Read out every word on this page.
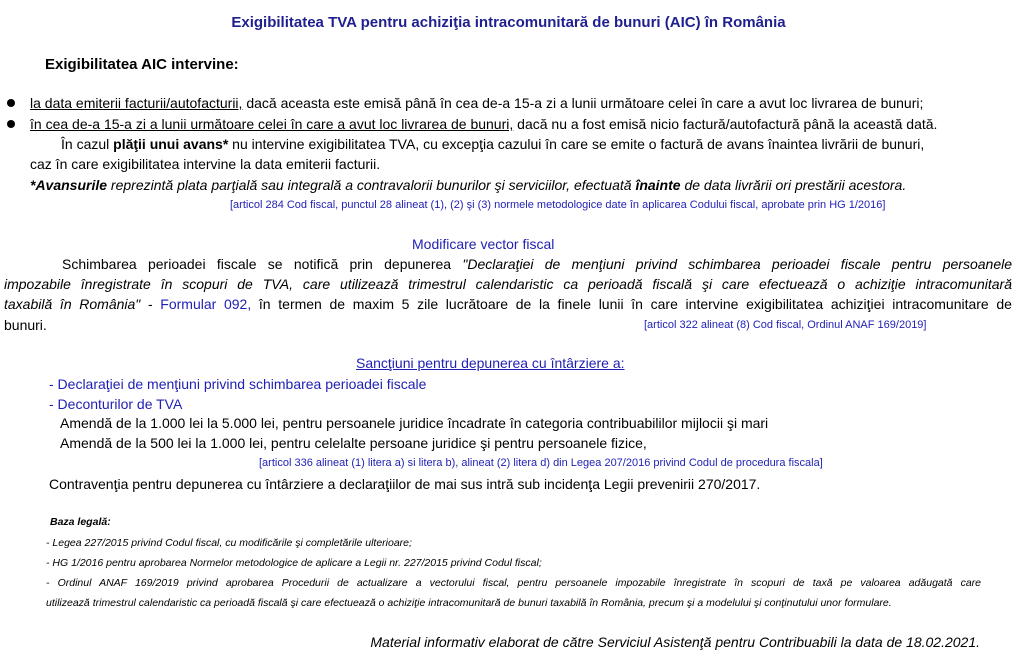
Exigibilitatea TVA pentru achiziţia intracomunitară de bunuri (AIC) în România
Exigibilitatea AIC intervine:
la data emiterii facturii/autofacturii, dacă aceasta este emisă până în cea de-a 15-a zi a lunii următoare celei în care a avut loc livrarea de bunuri;
în cea de-a 15-a zi a lunii următoare celei în care a avut loc livrarea de bunuri, dacă nu a fost emisă nicio factură/autofactură până la această dată.
În cazul plăţii unui avans* nu intervine exigibilitatea TVA, cu excepţia cazului în care se emite o factură de avans înaintea livrării de bunuri,
caz în care exigibilitatea intervine la data emiterii facturii.
*Avansurile reprezintă plata parţială sau integrală a contravalorii bunurilor şi serviciilor, efectuată înainte de data livrării ori prestării acestora.
[articol 284 Cod fiscal, punctul 28 alineat (1), (2) şi (3) normele metodologice date în aplicarea Codului fiscal, aprobate prin HG 1/2016]
Modificare vector fiscal
Schimbarea perioadei fiscale se notifică prin depunerea "Declaraţiei de menţiuni privind schimbarea perioadei fiscale pentru persoanele
impozabile înregistrate în scopuri de TVA, care utilizează trimestrul calendaristic ca perioadă fiscală şi care efectuează o achiziţie intracomunitară
taxabilă în România" - Formular 092, în termen de maxim 5 zile lucrătoare de la finele lunii în care intervine exigibilitatea achiziţiei intracomunitare de
bunuri.	[articol 322 alineat (8) Cod fiscal, Ordinul ANAF 169/2019]
Sancţiuni pentru depunerea cu întârziere a:
- Declaraţiei de menţiuni privind schimbarea perioadei fiscale
- Deconturilor de TVA
Amendă de la 1.000 lei la 5.000 lei, pentru persoanele juridice încadrate în categoria contribuabililor mijlocii şi mari
Amendă de la 500 lei la 1.000 lei, pentru celelalte persoane juridice şi pentru persoanele fizice,
[articol 336 alineat (1) litera a) si litera b), alineat (2) litera d) din Legea 207/2016 privind Codul de procedura fiscala]
Contravenţia pentru depunerea cu întârziere a declaraţiilor de mai sus intră sub incidenţa Legii prevenirii 270/2017.
Baza legală:
- Legea 227/2015 privind Codul fiscal, cu modificările şi completările ulterioare;
- HG 1/2016 pentru aprobarea Normelor metodologice de aplicare a Legii nr. 227/2015 privind Codul fiscal;
- Ordinul ANAF 169/2019 privind aprobarea Procedurii de actualizare a vectorului fiscal, pentru persoanele impozabile înregistrate în scopuri de taxă pe valoarea adăugată care
utilizează trimestrul calendaristic ca perioadă fiscală şi care efectuează o achiziţie intracomunitară de bunuri taxabilă în România, precum şi a modelului şi conţinutului unor formulare.
Material informativ elaborat de către Serviciul Asistenţă pentru Contribuabili la data de 18.02.2021.
